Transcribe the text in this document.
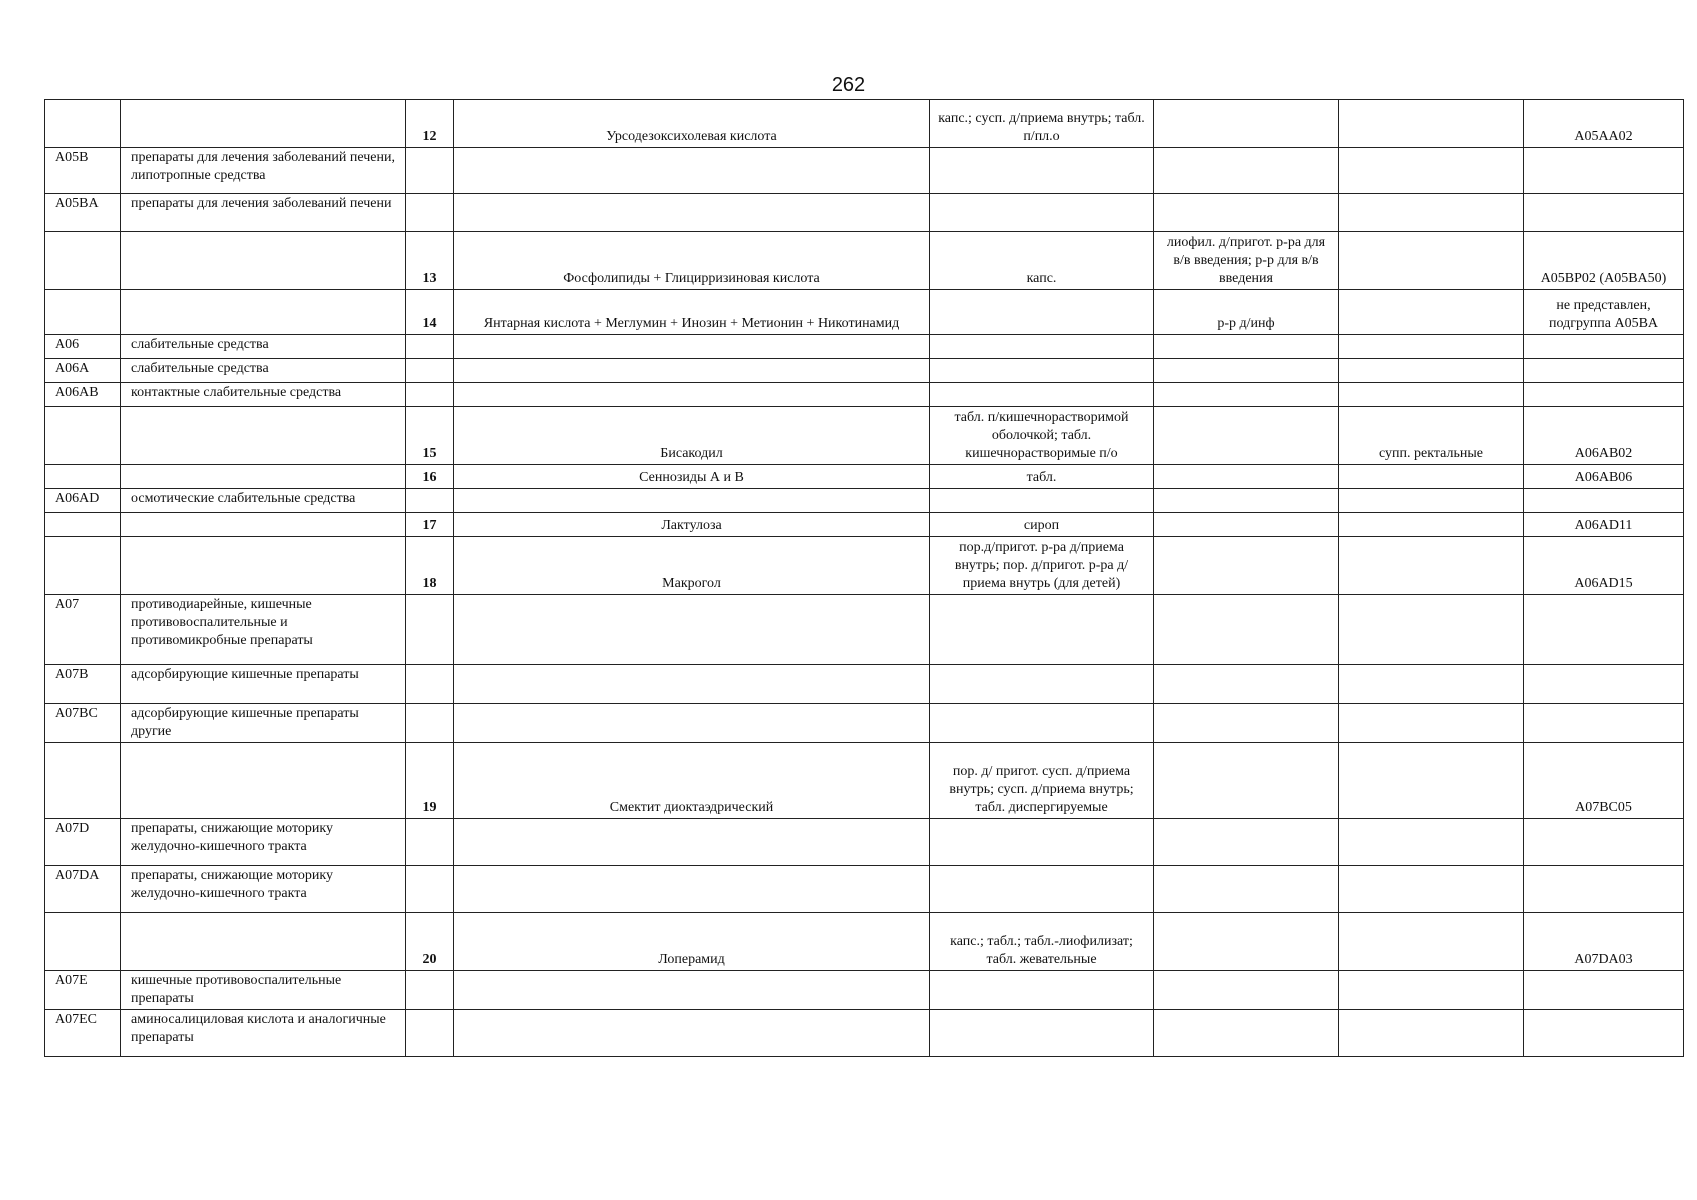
262
		12	Урсодезоксихолевая кислота	капс.; сусп. д/приема внутрь; табл. п/пл.о			A05AA02
A05B	препараты для лечения заболеваний печени, липотропные средства						
A05BA	препараты для лечения заболеваний печени						
		13	Фосфолипиды + Глицирризиновая кислота	капс.	лиофил. д/пригот. р-ра для в/в введения; р-р для в/в введения		A05BP02 (A05BA50)
		14	Янтарная кислота + Меглумин + Инозин + Метионин + Никотинамид		р-р д/инф		не представлен, подгруппа A05BA
A06	слабительные средства						
A06A	слабительные средства						
A06AB	контактные слабительные средства						
		15	Бисакодил	табл. п/кишечнорастворимой оболочкой; табл. кишечнорастворимые п/о		супп. ректальные	A06AB02
		16	Сеннозиды А и В	табл.			A06AB06
A06AD	осмотические слабительные средства						
		17	Лактулоза	сироп			A06AD11
		18	Макрогол	пор.д/пригот. р-ра д/приема внутрь; пор. д/пригот. р-ра д/приема внутрь (для детей)			A06AD15
A07	противодиарейные, кишечные противовоспалительные и противомикробные препараты						
A07B	адсорбирующие кишечные препараты						
A07BC	адсорбирующие кишечные препараты другие						
		19	Смектит диоктаэдрический	пор. д/ пригот. сусп. д/приема внутрь; сусп. д/приема внутрь; табл. диспергируемые			A07BC05
A07D	препараты, снижающие моторику желудочно-кишечного тракта						
A07DA	препараты, снижающие моторику желудочно-кишечного тракта						
		20	Лоперамид	капс.; табл.; табл.-лиофилизат; табл. жевательные			A07DA03
A07E	кишечные противовоспалительные препараты						
A07EC	аминосалициловая кислота и аналогичные препараты						
